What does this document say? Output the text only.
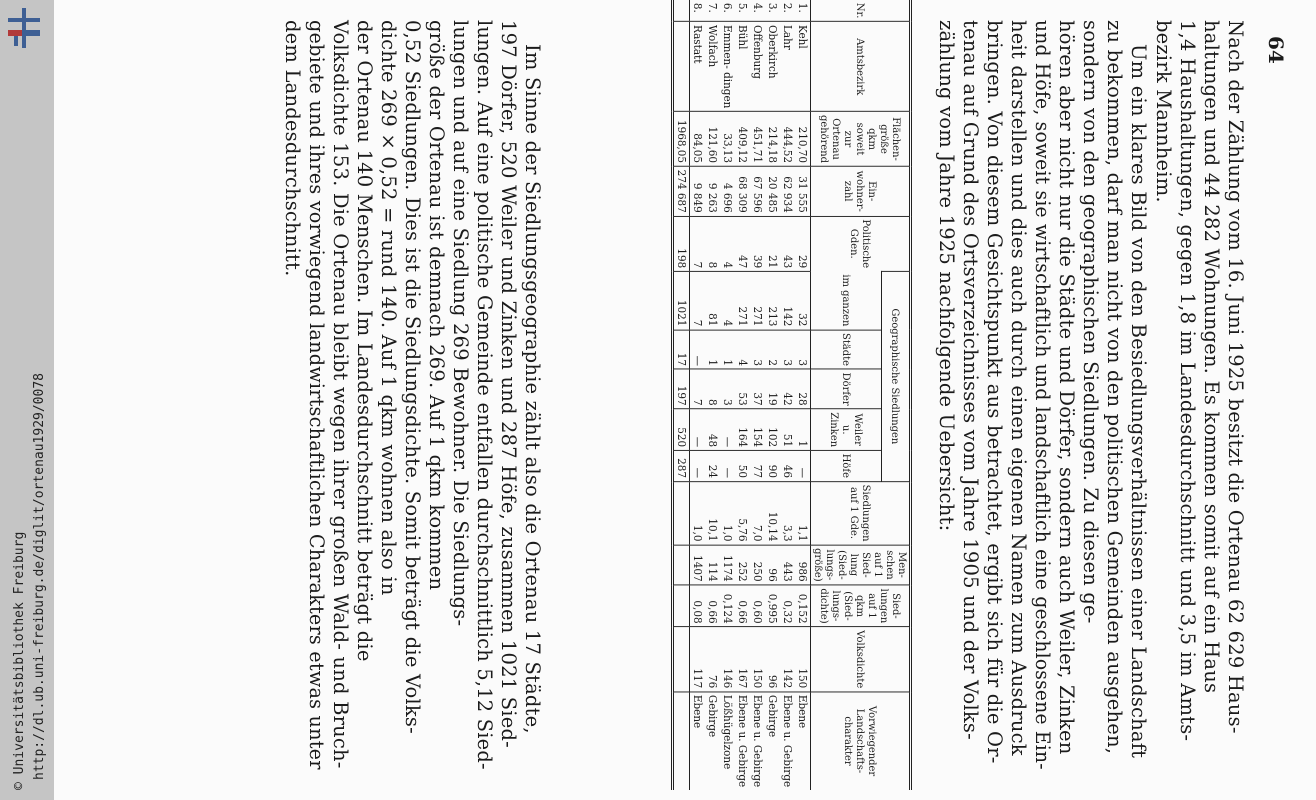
http://dl.ub.uni-freiburg.de/diglit/ortenau1929/0078
© Universitätsbibliothek Freiburg
64
Nach der Zählung vom 16. Juni 1925 besitzt die Ortenau 62 629 Haus-
haltungen und 44 282 Wohnungen. Es kommen somit auf ein Haus
1,4 Haushaltungen, gegen 1,8 im Landesdurchschnitt und 3,5 im Amts-
bezirk Mannheim.
Um ein klares Bild von den Besiedlungsverhältnissen einer Landschaft
zu bekommen, darf man nicht von den politischen Gemeinden ausgehen,
sondern von den geographischen Siedlungen. Zu diesen ge-
hören aber nicht nur die Städte und Dörfer, sondern auch Weiler, Zinken
und Höfe, soweit sie wirtschaftlich und landschaftlich eine geschlossene Ein-
heit darstellen und dies auch durch einen eigenen Namen zum Ausdruck
bringen. Von diesem Gesichtspunkt aus betrachtet, ergibt sich für die Or-
tenau auf Grund des Ortsverzeichnisses vom Jahre 1905 und der Volks-
zählung vom Jahre 1925 nachfolgende Uebersicht:
Nr.	Amtsbezirk	Flächen- größe qkm soweit zur Ortenau gehörend	Ein- wohner- zahl	Politische Gden.	Geographische Siedlungen					Siedlungen auf 1 Gde.	Men- schen auf 1 Sied- lung (Sied- lungs- größe)	Sied- lungen auf 1 qkm (Sied- lungs- dichte)	Volksdichte	Vorwiegender Landschafts- charakter
					im ganzen	Städte	Dörfer	Weiler u. Zinken	Höfe					
1.	Kehl	210,70	31 555	29	32	3	28	1	—	1,1	986	0,152	150	Ebene
2.	Lahr	444,52	62 934	43	142	3	42	51	46	3,3	443	0,32	142	Ebene u. Gebirge
3.	Oberkirch	214,18	20 485	21	213	2	19	102	90	10,14	96	0,995	96	Gebirge
4.	Offenburg	451,71	67 596	39	271	3	37	154	77	7,0	250	0,60	150	Ebene u. Gebirge
5.	Bühl	409,12	68 309	47	271	4	53	164	50	5,76	252	0,66	167	Ebene u. Gebirge
6.	Emmen- dingen	33,13	4 696	4	4	1	3	—	—	1,0	1174	0,124	146	Lößhügelzone
7.	Wolfach	121,60	9 263	8	81	1	8	48	24	10,1	114	0,66	76	Gebirge
8.	Rastatt	84,05	9 849	7	7	—	7	—	—	1,0	1407	0,08	117	Ebene
		1968,05	274 687	198	1021	17	197	520	287					
Im Sinne der Siedlungsgeographie zählt also die Ortenau 17 Städte,
197 Dörfer, 520 Weiler und Zinken und 287 Höfe, zusammen 1021 Sied-
lungen. Auf eine politische Gemeinde entfallen durchschnittlich 5,12 Sied-
lungen und auf eine Siedlung 269 Bewohner. Die Siedlungs-
größe der Ortenau ist demnach 269. Auf 1 qkm kommen
0,52 Siedlungen. Dies ist die Siedlungsdichte. Somit beträgt die Volks-
dichte 269 × 0,52 = rund 140. Auf 1 qkm wohnen also in
der Ortenau 140 Menschen. Im Landesdurchschnitt beträgt die
Volksdichte 153. Die Ortenau bleibt wegen ihrer großen Wald- und Bruch-
gebiete und ihres vorwiegend landwirtschaftlichen Charakters etwas unter
dem Landesdurchschnitt.
